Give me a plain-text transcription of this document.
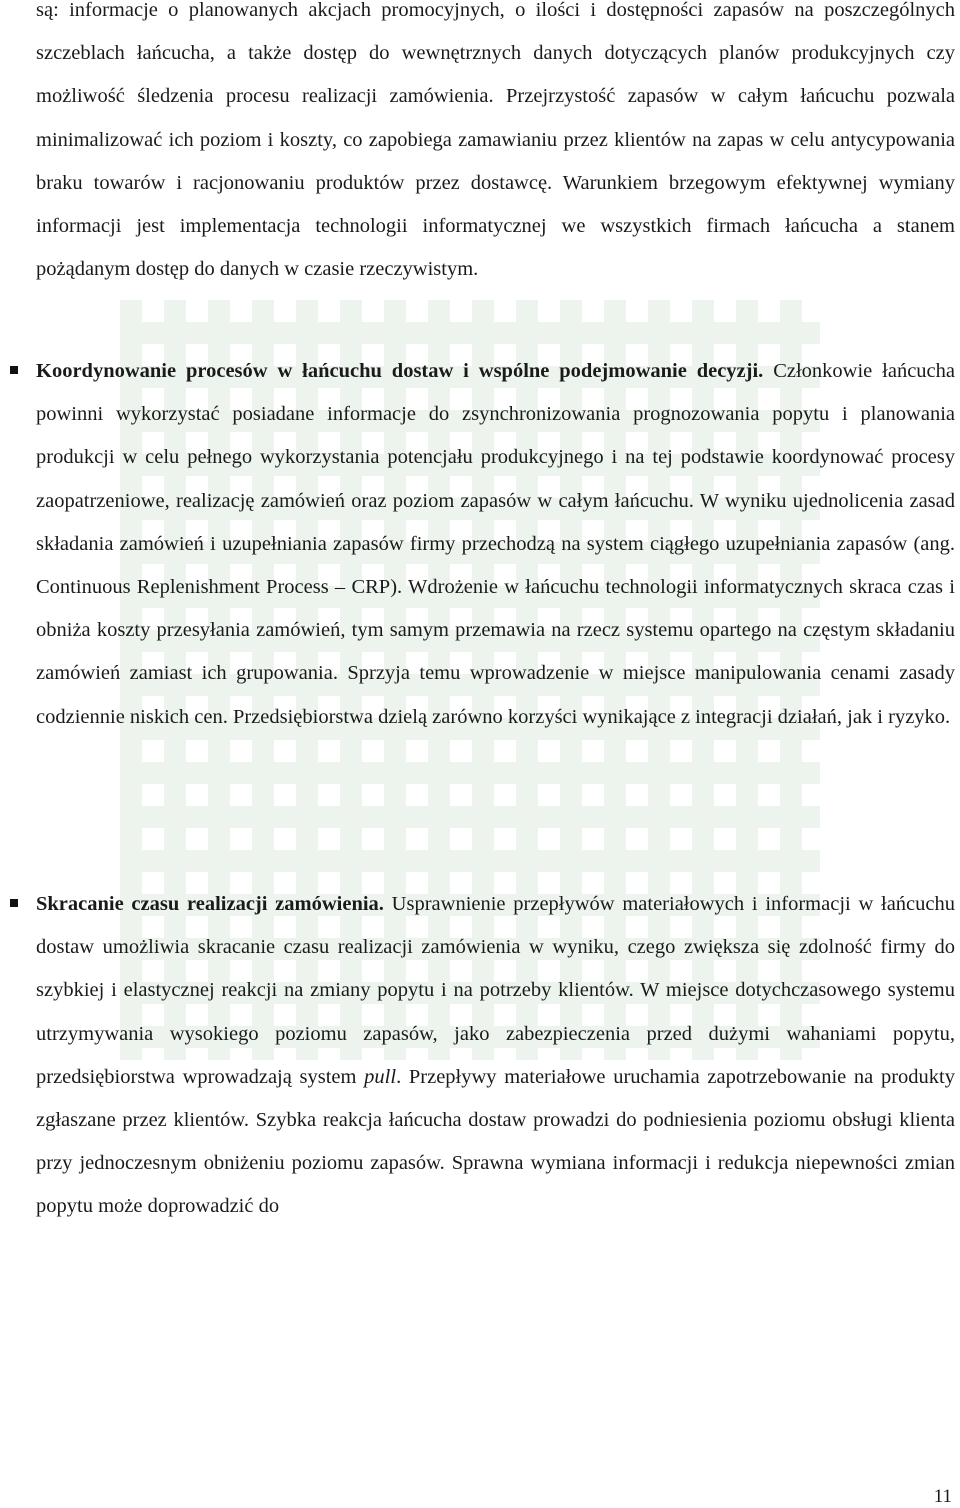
są: informacje o planowanych akcjach promocyjnych, o ilości i dostępności zapasów na poszczególnych szczeblach łańcucha, a także dostęp do wewnętrznych danych dotyczących planów produkcyjnych czy możliwość śledzenia procesu realizacji zamówienia. Przejrzystość zapasów w całym łańcuchu pozwala minimalizować ich poziom i koszty, co zapobiega zamawianiu przez klientów na zapas w celu antycypowania braku towarów i racjonowaniu produktów przez dostawcę. Warunkiem brzegowym efektywnej wymiany informacji jest implementacja technologii informatycznej we wszystkich firmach łańcucha a stanem pożądanym dostęp do danych w czasie rzeczywistym.

Koordynowanie procesów w łańcuchu dostaw i wspólne podejmowanie decyzji. Członkowie łańcucha powinni wykorzystać posiadane informacje do zsynchronizowania prognozowania popytu i planowania produkcji w celu pełnego wykorzystania potencjału produkcyjnego i na tej podstawie koordynować procesy zaopatrzeniowe, realizację zamówień oraz poziom zapasów w całym łańcuchu. W wyniku ujednolicenia zasad składania zamówień i uzupełniania zapasów firmy przechodzą na system ciągłego uzupełniania zapasów (ang. Continuous Replenishment Process – CRP). Wdrożenie w łańcuchu technologii informatycznych skraca czas i obniża koszty przesyłania zamówień, tym samym przemawia na rzecz systemu opartego na częstym składaniu zamówień zamiast ich grupowania. Sprzyja temu wprowadzenie w miejsce manipulowania cenami zasady codziennie niskich cen. Przedsiębiorstwa dzielą zarówno korzyści wynikające z integracji działań, jak i ryzyko.

Skracanie czasu realizacji zamówienia. Usprawnienie przepływów materiałowych i informacji w łańcuchu dostaw umożliwia skracanie czasu realizacji zamówienia w wyniku, czego zwiększa się zdolność firmy do szybkiej i elastycznej reakcji na zmiany popytu i na potrzeby klientów. W miejsce dotychczasowego systemu utrzymywania wysokiego poziomu zapasów, jako zabezpieczenia przed dużymi wahaniami popytu, przedsiębiorstwa wprowadzają system pull. Przepływy materiałowe uruchamia zapotrzebowanie na produkty zgłaszane przez klientów. Szybka reakcja łańcucha dostaw prowadzi do podniesienia poziomu obsługi klienta przy jednoczesnym obniżeniu poziomu zapasów. Sprawna wymiana informacji i redukcja niepewności zmian popytu może doprowadzić do

11
